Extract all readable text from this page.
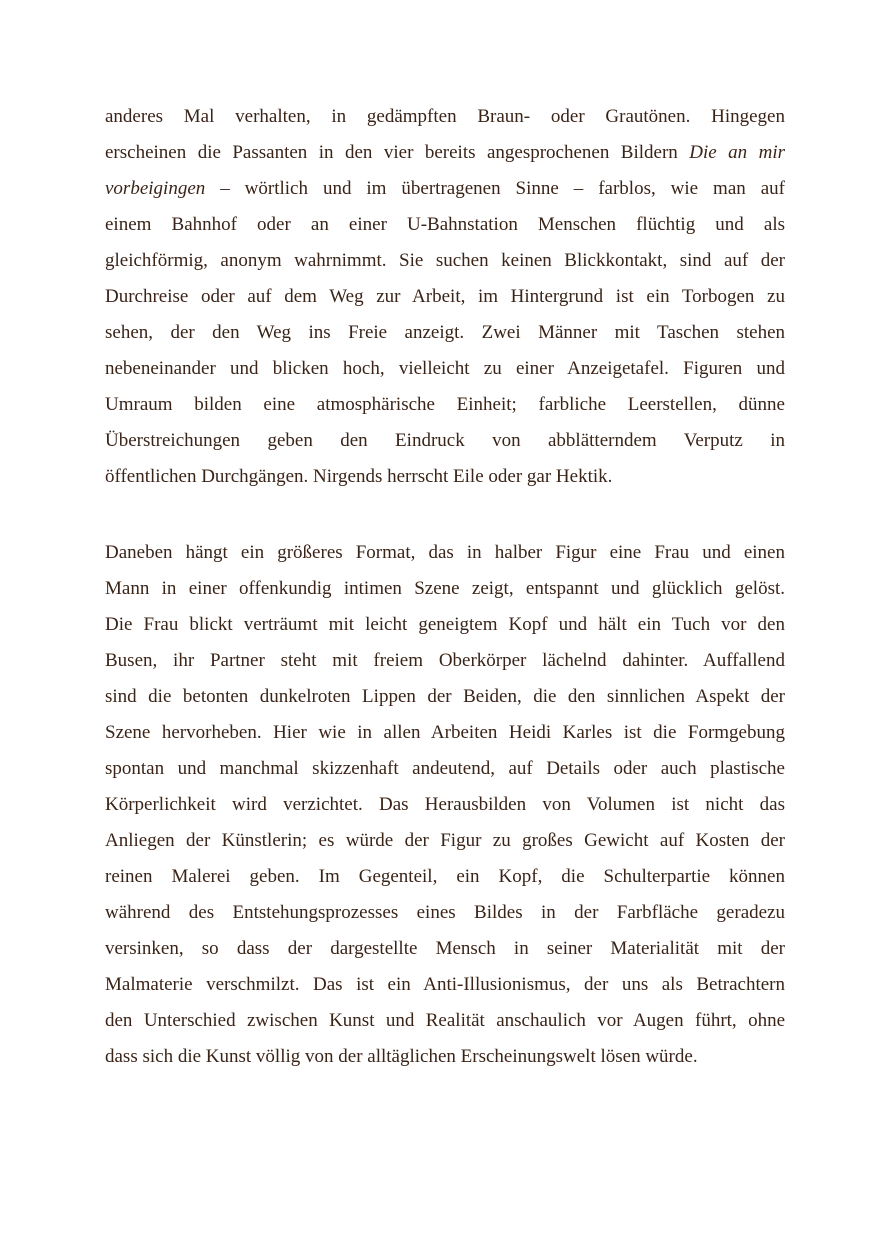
anderes Mal verhalten, in gedämpften Braun- oder Grautönen. Hingegen
erscheinen die Passanten in den vier bereits angesprochenen Bildern Die an mir
vorbeigingen – wörtlich und im übertragenen Sinne – farblos, wie man auf
einem Bahnhof oder an einer U-Bahnstation Menschen flüchtig und als
gleichförmig, anonym wahrnimmt. Sie suchen keinen Blickkontakt, sind auf der
Durchreise oder auf dem Weg zur Arbeit, im Hintergrund ist ein Torbogen zu
sehen, der den Weg ins Freie anzeigt. Zwei Männer mit Taschen stehen
nebeneinander und blicken hoch, vielleicht zu einer Anzeigetafel. Figuren und
Umraum bilden eine atmosphärische Einheit; farbliche Leerstellen, dünne
Überstreichungen geben den Eindruck von abblätterndem Verputz in
öffentlichen Durchgängen. Nirgends herrscht Eile oder gar Hektik.
Daneben hängt ein größeres Format, das in halber Figur eine Frau und einen
Mann in einer offenkundig intimen Szene zeigt, entspannt und glücklich gelöst.
Die Frau blickt verträumt mit leicht geneigtem Kopf und hält ein Tuch vor den
Busen, ihr Partner steht mit freiem Oberkörper lächelnd dahinter. Auffallend
sind die betonten dunkelroten Lippen der Beiden, die den sinnlichen Aspekt der
Szene hervorheben. Hier wie in allen Arbeiten Heidi Karles ist die Formgebung
spontan und manchmal skizzenhaft andeutend, auf Details oder auch plastische
Körperlichkeit wird verzichtet. Das Herausbilden von Volumen ist nicht das
Anliegen der Künstlerin; es würde der Figur zu großes Gewicht auf Kosten der
reinen Malerei geben. Im Gegenteil, ein Kopf, die Schulterpartie können
während des Entstehungsprozesses eines Bildes in der Farbfläche geradezu
versinken, so dass der dargestellte Mensch in seiner Materialität mit der
Malmaterie verschmilzt. Das ist ein Anti-Illusionismus, der uns als Betrachtern
den Unterschied zwischen Kunst und Realität anschaulich vor Augen führt, ohne
dass sich die Kunst völlig von der alltäglichen Erscheinungswelt lösen würde.
